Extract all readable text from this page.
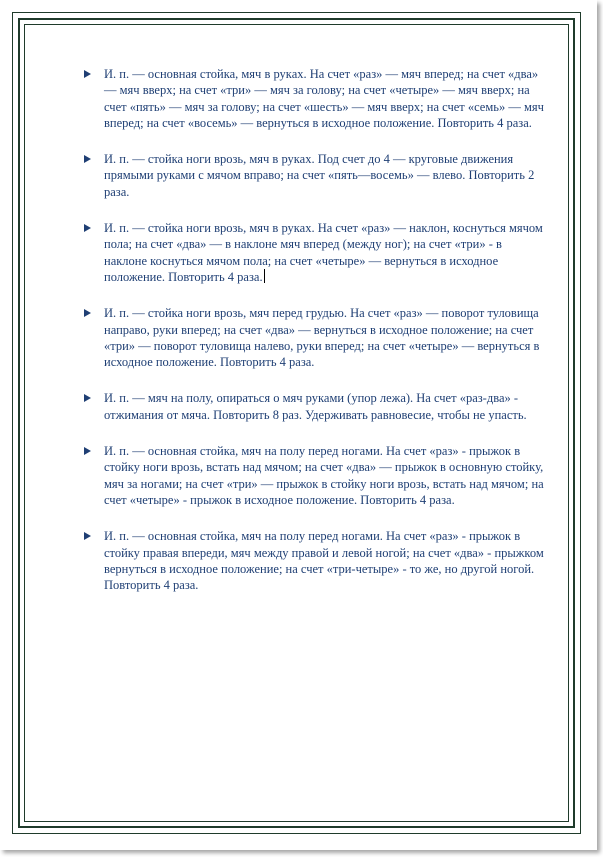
И. п. — основная стойка, мяч в руках. На счет «раз» — мяч вперед; на счет «два» — мяч вверх; на счет «три» — мяч за голову; на счет «четыре» — мяч вверх; на счет «пять» — мяч за голову; на счет «шесть» — мяч вверх; на счет «семь» — мяч вперед; на счет «восемь» — вернуться в исходное положение. Повторить 4 раза.
И. п. — стойка ноги врозь, мяч в руках. Под счет до 4 — круговые движения прямыми руками с мячом вправо; на счет «пять—восемь» — влево. Повторить 2 раза.
И. п. — стойка ноги врозь, мяч в руках. На счет «раз» — наклон, коснуться мячом пола; на счет «два» — в наклоне мяч вперед (между ног); на счет «три» - в наклоне коснуться мячом пола; на счет «четыре» — вернуться в исходное положение. Повторить 4 раза.
И. п. — стойка ноги врозь, мяч перед грудью. На счет «раз» — поворот туловища направо, руки вперед; на счет «два» — вернуться в исходное положение; на счет «три» — поворот туловища налево, руки вперед; на счет «четыре» — вернуться в исходное положение. Повторить 4 раза.
И. п. — мяч на полу, опираться о мяч руками (упор лежа). На счет «раз-два» - отжимания от мяча. Повторить 8 раз. Удерживать равновесие, чтобы не упасть.
И. п. — основная стойка, мяч на полу перед ногами. На счет «раз» - прыжок в стойку ноги врозь, встать над мячом; на счет «два» — прыжок в основную стойку, мяч за ногами; на счет «три» — прыжок в стойку ноги врозь, встать над мячом; на счет «четыре» - прыжок в исходное положение. Повторить 4 раза.
И. п. — основная стойка, мяч на полу перед ногами. На счет «раз» - прыжок в стойку правая впереди, мяч между правой и левой ногой; на счет «два» - прыжком вернуться в исходное положение; на счет «три-четыре» - то же, но другой ногой. Повторить 4 раза.
